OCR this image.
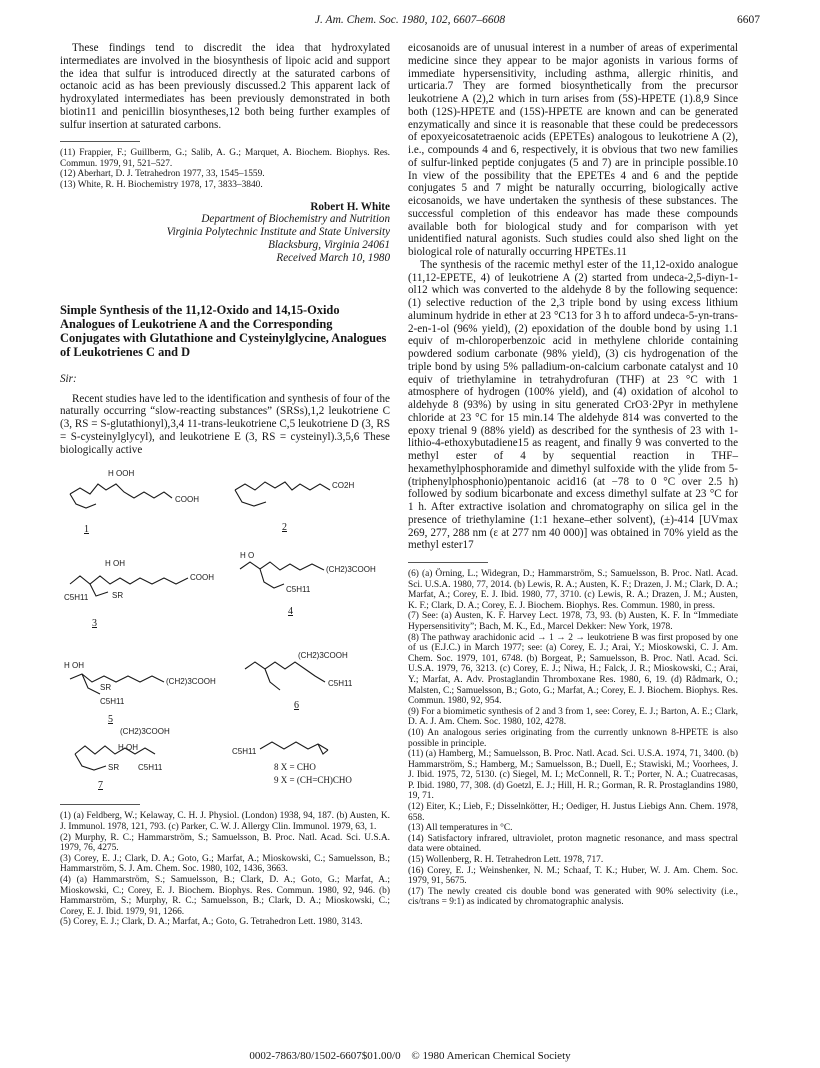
J. Am. Chem. Soc. 1980, 102, 6607–6608	6607

These findings tend to discredit the idea that hydroxylated intermediates are involved in the biosynthesis of lipoic acid and support the idea that sulfur is introduced directly at the saturated carbons of octanoic acid as has been previously discussed.2 This apparent lack of hydroxylated intermediates has been previously demonstrated in both biotin11 and penicillin biosyntheses,12 both being further examples of sulfur insertion at saturated carbons.

(11) Frappier, F.; Guillberm, G.; Salib, A. G.; Marquet, A. Biochem. Biophys. Res. Commun. 1979, 91, 521–527.
(12) Aberhart, D. J. Tetrahedron 1977, 33, 1545–1559.
(13) White, R. H. Biochemistry 1978, 17, 3833–3840.
Robert H. White
Department of Biochemistry and Nutrition
Virginia Polytechnic Institute and State University
Blacksburg, Virginia 24061
Received March 10, 1980
Simple Synthesis of the 11,12-Oxido and 14,15-Oxido Analogues of Leukotriene A and the Corresponding Conjugates with Glutathione and Cysteinylglycine, Analogues of Leukotrienes C and D
Sir:

Recent studies have led to the identification and synthesis of four of the naturally occurring “slow-reacting substances” (SRSs),1,2 leukotriene C (3, RS = S-glutathionyl),3,4 11-trans-leukotriene C,5 leukotriene D (3, RS = S-cysteinylglycyl), and leukotriene E (3, RS = cysteinyl).3,5,6 These biologically active

H OOH
COOH
CO2H
H OH
COOH
C5H11	SR
H O
(CH2)3COOH
C5H11
H OH
(CH2)3COOH
SR
C5H11
(CH2)3COOH
C5H11
(CH2)3COOH
H OH
SR C5H11
C5H11
1	2
3
4
5
6
7
8 X = CHO
9 X = (CH=CH)CHO
(1) (a) Feldberg, W.; Kelaway, C. H. J. Physiol. (London) 1938, 94, 187. (b) Austen, K. J. Immunol. 1978, 121, 793. (c) Parker, C. W. J. Allergy Clin. Immunol. 1979, 63, 1.
(2) Murphy, R. C.; Hammarström, S.; Samuelsson, B. Proc. Natl. Acad. Sci. U.S.A. 1979, 76, 4275.
(3) Corey, E. J.; Clark, D. A.; Goto, G.; Marfat, A.; Mioskowski, C.; Samuelsson, B.; Hammarström, S. J. Am. Chem. Soc. 1980, 102, 1436, 3663.
(4) (a) Hammarström, S.; Samuelsson, B.; Clark, D. A.; Goto, G.; Marfat, A.; Mioskowski, C.; Corey, E. J. Biochem. Biophys. Res. Commun. 1980, 92, 946. (b) Hammarström, S.; Murphy, R. C.; Samuelsson, B.; Clark, D. A.; Mioskowski, C.; Corey, E. J. Ibid. 1979, 91, 1266.
(5) Corey, E. J.; Clark, D. A.; Marfat, A.; Goto, G. Tetrahedron Lett. 1980, 3143.

eicosanoids are of unusual interest in a number of areas of experimental medicine since they appear to be major agonists in various forms of immediate hypersensitivity, including asthma, allergic rhinitis, and urticaria.7 They are formed biosynthetically from the precursor leukotriene A (2),2 which in turn arises from (5S)-HPETE (1).8,9 Since both (12S)-HPETE and (15S)-HPETE are known and can be generated enzymatically and since it is reasonable that these could be predecessors of epoxyeicosatetraenoic acids (EPETEs) analogous to leukotriene A (2), i.e., compounds 4 and 6, respectively, it is obvious that two new families of sulfur-linked peptide conjugates (5 and 7) are in principle possible.10 In view of the possibility that the EPETEs 4 and 6 and the peptide conjugates 5 and 7 might be naturally occurring, biologically active eicosanoids, we have undertaken the synthesis of these substances. The successful completion of this endeavor has made these compounds available both for biological study and for comparison with yet unidentified natural agonists. Such studies could also shed light on the biological role of naturally occurring HPETEs.11

The synthesis of the racemic methyl ester of the 11,12-oxido analogue (11,12-EPETE, 4) of leukotriene A (2) started from undeca-2,5-diyn-1-ol12 which was converted to the aldehyde 8 by the following sequence: (1) selective reduction of the 2,3 triple bond by using excess lithium aluminum hydride in ether at 23 °C13 for 3 h to afford undeca-5-yn-trans-2-en-1-ol (96% yield), (2) epoxidation of the double bond by using 1.1 equiv of m-chloroperbenzoic acid in methylene chloride containing powdered sodium carbonate (98% yield), (3) cis hydrogenation of the triple bond by using 5% palladium-on-calcium carbonate catalyst and 10 equiv of triethylamine in tetrahydrofuran (THF) at 23 °C with 1 atmosphere of hydrogen (100% yield), and (4) oxidation of alcohol to aldehyde 8 (93%) by using in situ generated CrO3·2Pyr in methylene chloride at 23 °C for 15 min.14 The aldehyde 814 was converted to the epoxy trienal 9 (88% yield) as described for the synthesis of 23 with 1-lithio-4-ethoxybutadiene15 as reagent, and finally 9 was converted to the methyl ester of 4 by sequential reaction in THF–hexamethylphosphoramide and dimethyl sulfoxide with the ylide from 5-(triphenylphosphonio)pentanoic acid16 (at −78 to 0 °C over 2.5 h) followed by sodium bicarbonate and excess dimethyl sulfate at 23 °C for 1 h. After extractive isolation and chromatography on silica gel in the presence of triethylamine (1:1 hexane–ether solvent), (±)-414 [UVmax 269, 277, 288 nm (ε at 277 nm 40 000)] was obtained in 70% yield as the methyl ester17

(6) (a) Örning, L.; Widegran, D.; Hammarström, S.; Samuelsson, B. Proc. Natl. Acad. Sci. U.S.A. 1980, 77, 2014. (b) Lewis, R. A.; Austen, K. F.; Drazen, J. M.; Clark, D. A.; Marfat, A.; Corey, E. J. Ibid. 1980, 77, 3710. (c) Lewis, R. A.; Drazen, J. M.; Austen, K. F.; Clark, D. A.; Corey, E. J. Biochem. Biophys. Res. Commun. 1980, in press.
(7) See: (a) Austen, K. F. Harvey Lect. 1978, 73, 93. (b) Austen, K. F. In “Immediate Hypersensitivity”; Bach, M. K., Ed., Marcel Dekker: New York, 1978.
(8) The pathway arachidonic acid → 1 → 2 → leukotriene B was first proposed by one of us (E.J.C.) in March 1977; see: (a) Corey, E. J.; Arai, Y.; Mioskowski, C. J. Am. Chem. Soc. 1979, 101, 6748. (b) Borgeat, P.; Samuelsson, B. Proc. Natl. Acad. Sci. U.S.A. 1979, 76, 3213. (c) Corey, E. J.; Niwa, H.; Falck, J. R.; Mioskowski, C.; Arai, Y.; Marfat, A. Adv. Prostaglandin Thromboxane Res. 1980, 6, 19. (d) Rådmark, O.; Malsten, C.; Samuelsson, B.; Goto, G.; Marfat, A.; Corey, E. J. Biochem. Biophys. Res. Commun. 1980, 92, 954.
(9) For a biomimetic synthesis of 2 and 3 from 1, see: Corey, E. J.; Barton, A. E.; Clark, D. A. J. Am. Chem. Soc. 1980, 102, 4278.
(10) An analogous series originating from the currently unknown 8-HPETE is also possible in principle.
(11) (a) Hamberg, M.; Samuelsson, B. Proc. Natl. Acad. Sci. U.S.A. 1974, 71, 3400. (b) Hammarström, S.; Hamberg, M.; Samuelsson, B.; Duell, E.; Stawiski, M.; Voorhees, J. J. Ibid. 1975, 72, 5130. (c) Siegel, M. I.; McConnell, R. T.; Porter, N. A.; Cuatrecasas, P. Ibid. 1980, 77, 308. (d) Goetzl, E. J.; Hill, H. R.; Gorman, R. R. Prostaglandins 1980, 19, 71.
(12) Eiter, K.; Lieb, F.; Disselnkötter, H.; Oediger, H. Justus Liebigs Ann. Chem. 1978, 658.
(13) All temperatures in °C.
(14) Satisfactory infrared, ultraviolet, proton magnetic resonance, and mass spectral data were obtained.
(15) Wollenberg, R. H. Tetrahedron Lett. 1978, 717.
(16) Corey, E. J.; Weinshenker, N. M.; Schaaf, T. K.; Huber, W. J. Am. Chem. Soc. 1979, 91, 5675.
(17) The newly created cis double bond was generated with 90% selectivity (i.e., cis/trans = 9:1) as indicated by chromatographic analysis.
0002-7863/80/1502-6607$01.00/0 © 1980 American Chemical Society
